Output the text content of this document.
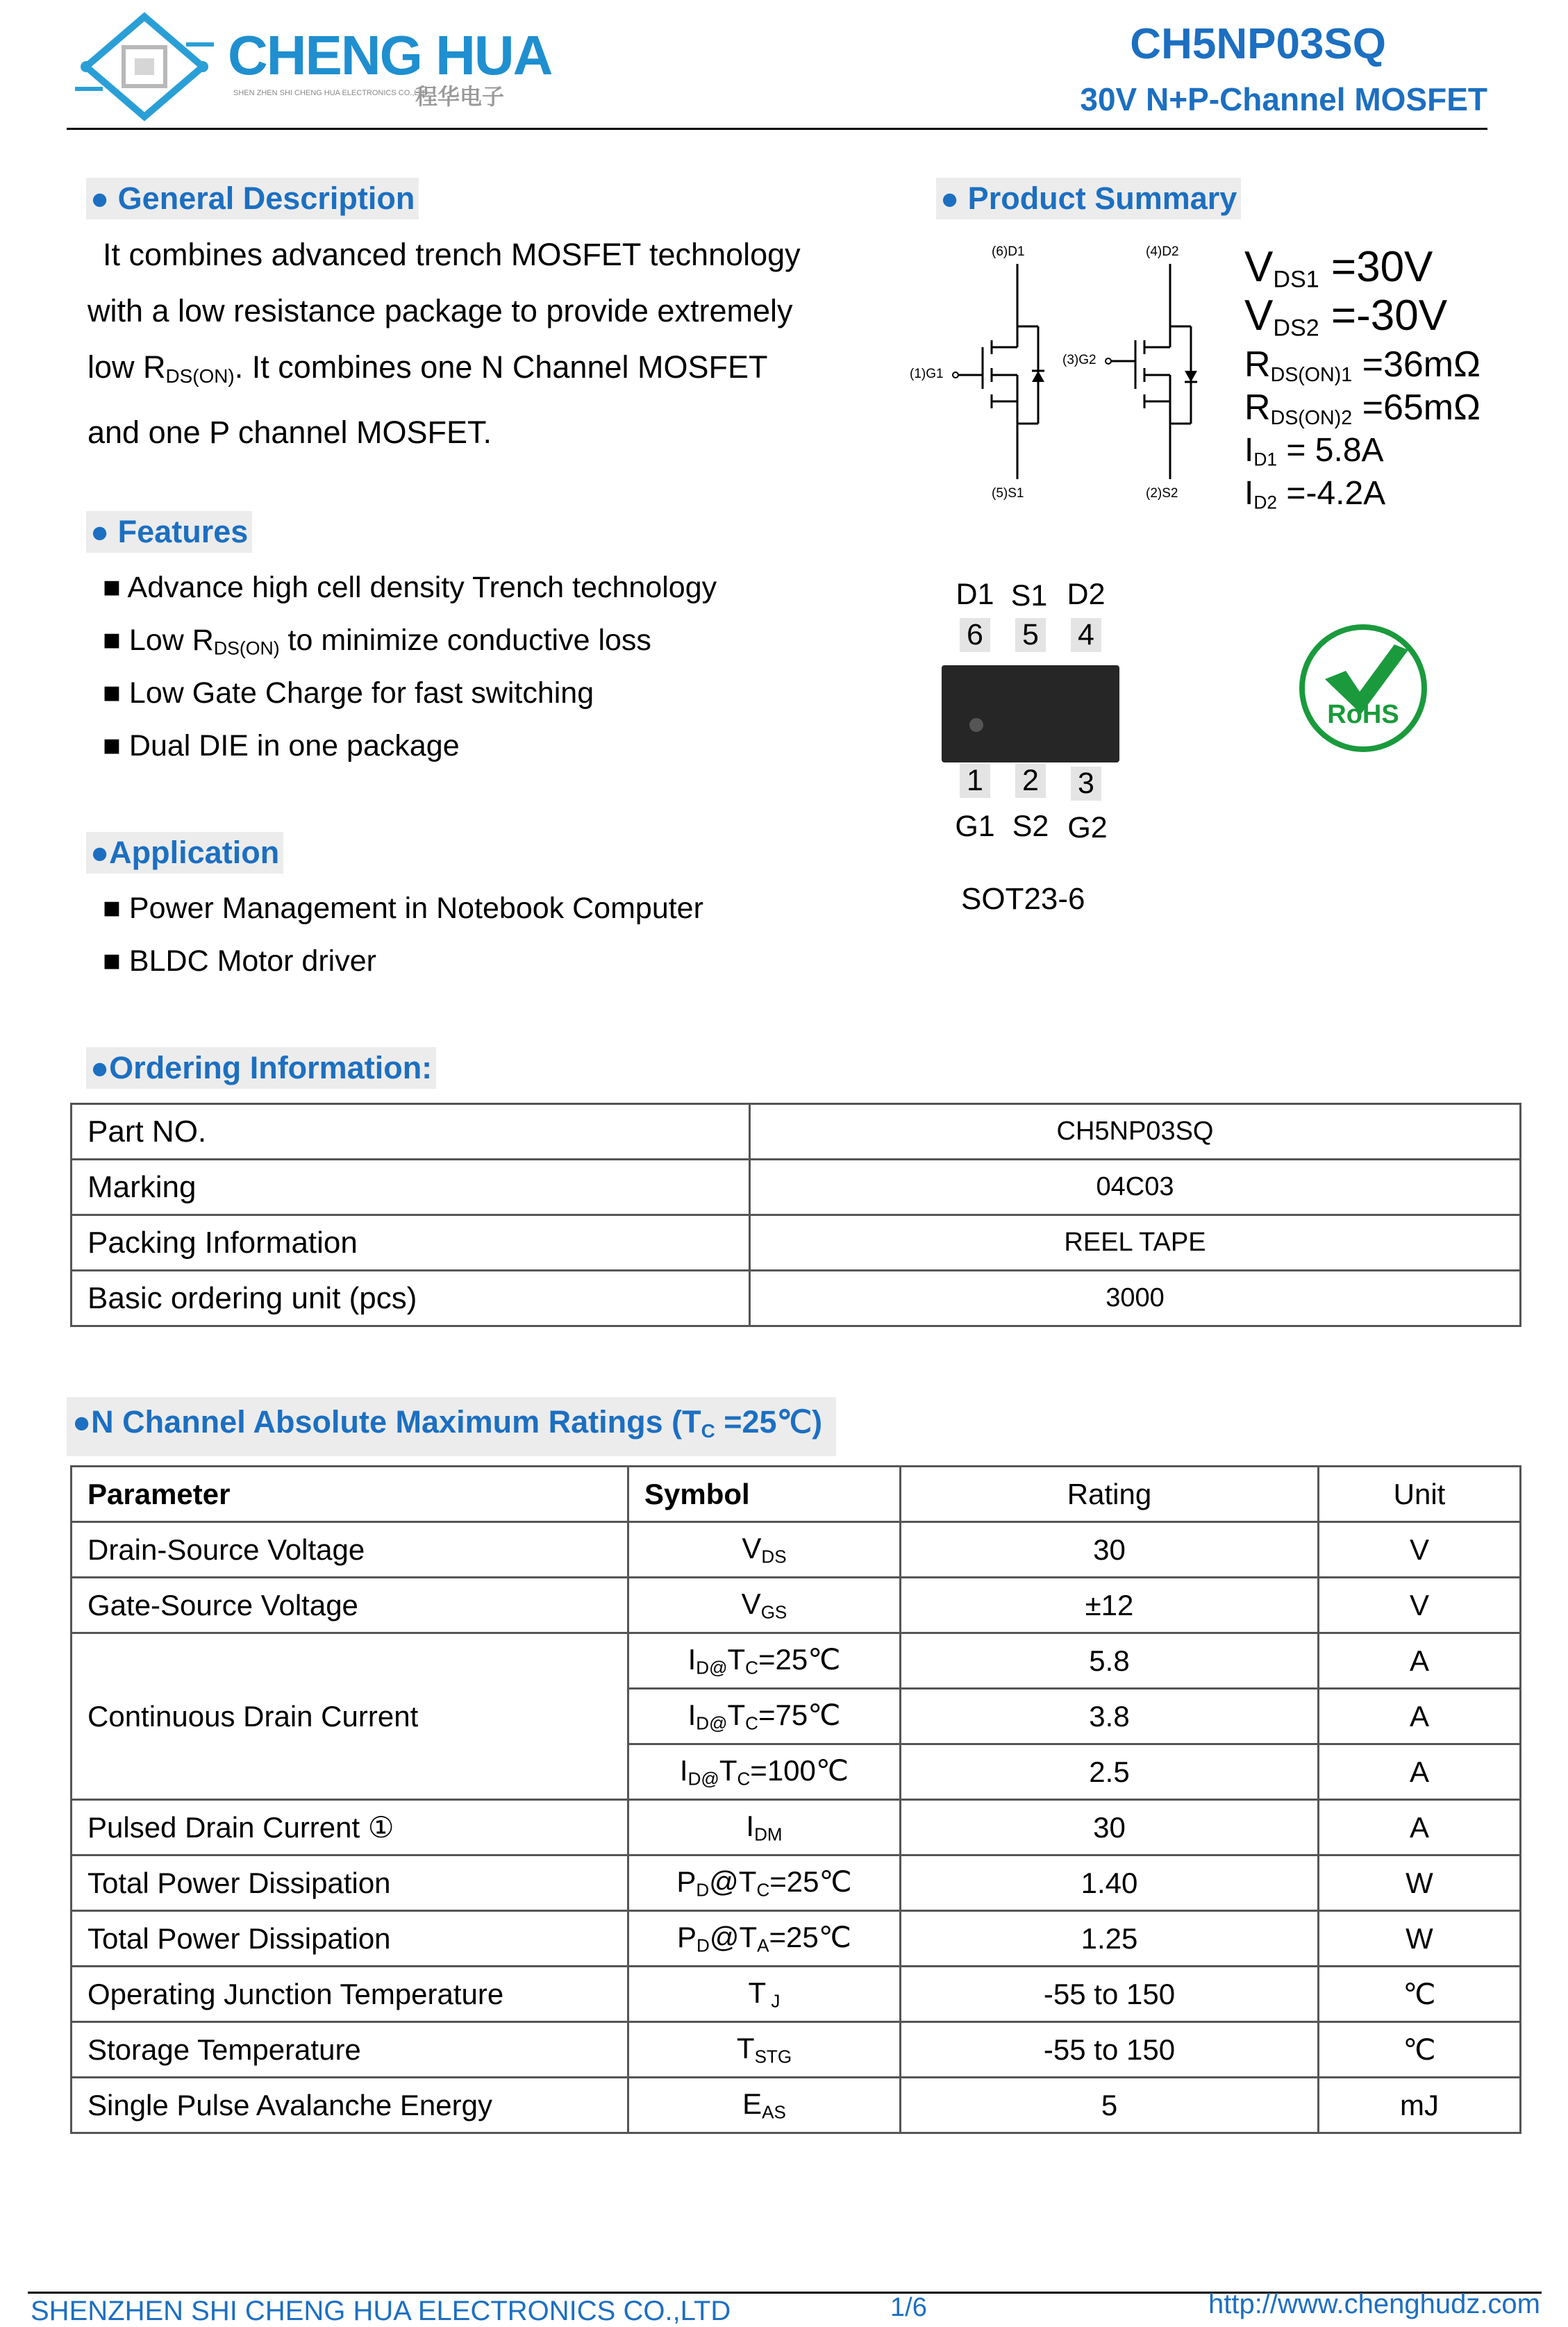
CHENG HUA
SHEN ZHEN SHI CHENG HUA ELECTRONICS CO.,LTD.
程华电子
CH5NP03SQ
30V N+P-Channel MOSFET
● General Description
It combines advanced trench MOSFET technology
with a low resistance package to provide extremely
low $R_{DS(ON)}$. It combines one N Channel MOSFET
and one P channel MOSFET.
● Features
■ Advance high cell density Trench technology
■ Low $R_{DS(ON)}$ to minimize conductive loss
■ Low Gate Charge for fast switching
■ Dual DIE in one package
●Application
■ Power Management in Notebook Computer
■ BLDC Motor driver
● Product Summary
(6)D1
(1)G1
(5)S1
(4)D2
(3)G2
(2)S2
$V_{DS1} =30V$
$V_{DS2} =-30V$
$R_{DS(ON)1} =36m\Omega$
$R_{DS(ON)2} =65m\Omega$
$I_{D1} = 5.8A$
$I_{D2} =-4.2A$
D1 S1 D2
6 5 4
1 2 3
G1 S2 G2
SOT23-6
RoHS
●Ordering Information:
Part NO.	CH5NP03SQ
Marking	04C03
Packing Information	REEL TAPE
Basic ordering unit (pcs)	3000
●N Channel Absolute Maximum Ratings ($T_C$ =25℃)
Parameter	Symbol	Rating	Unit
Drain-Source Voltage	$V_{DS}$	30	V
Gate-Source Voltage	$V_{GS}$	±12	V
Continuous Drain Current	$I_{D@}T_C=25℃$	5.8	A
	$I_{D@}T_C=75℃$	3.8	A
	$I_{D@}T_C=100℃$	2.5	A
Pulsed Drain Current ①	$I_{DM}$	30	A
Total Power Dissipation	$P_D@T_C=25℃$	1.40	W
Total Power Dissipation	$P_D@T_A=25℃$	1.25	W
Operating Junction Temperature	T $_J$	-55 to 150	℃
Storage Temperature	$T_{STG}$	-55 to 150	℃
Single Pulse Avalanche Energy	$E_{AS}$	5	mJ
SHENZHEN SHI CHENG HUA ELECTRONICS CO.,LTD	1/6	http://www.chenghudz.com
